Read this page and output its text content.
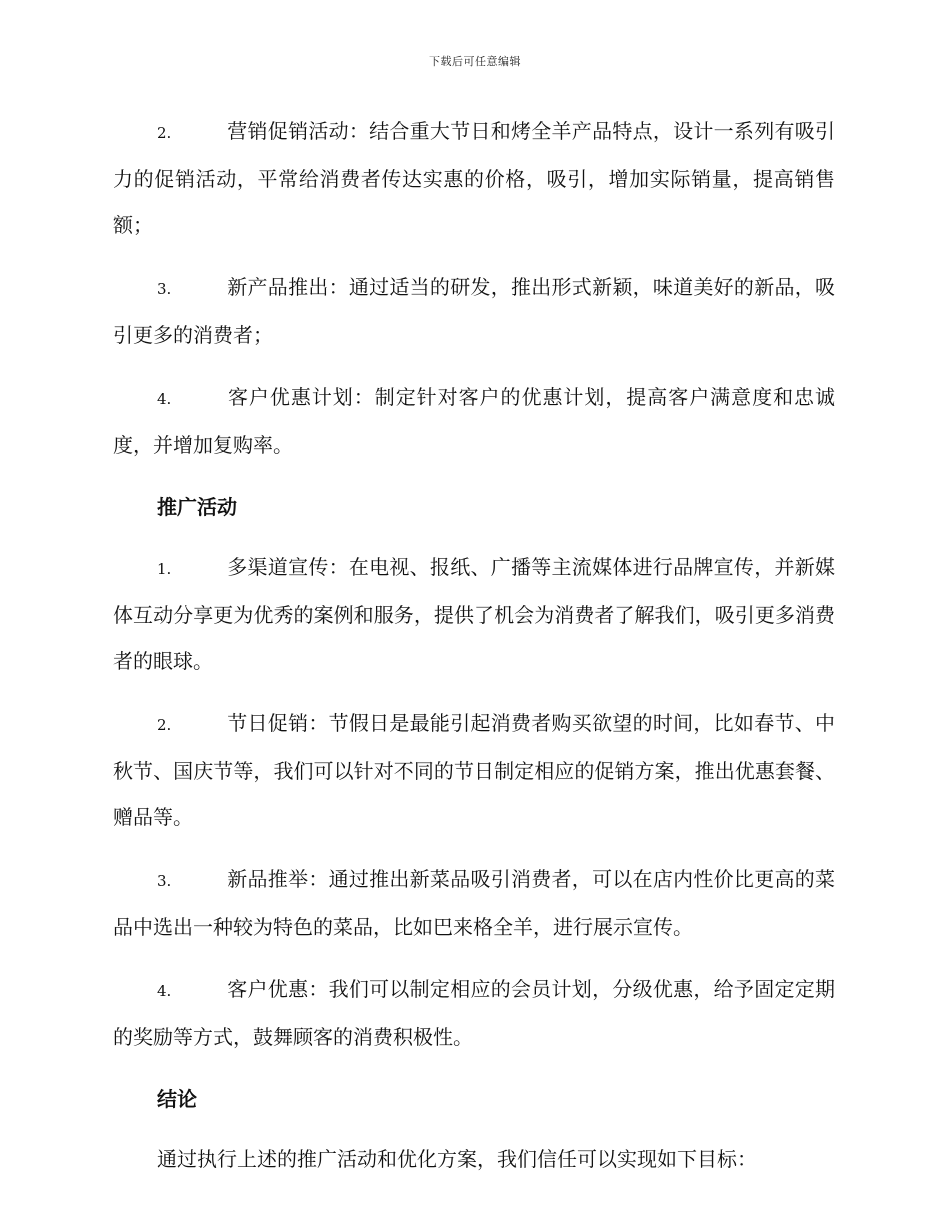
下载后可任意编辑

2.	营销促销活动：结合重大节日和烤全羊产品特点，设计一系列有吸引力的促销活动，平常给消费者传达实惠的价格，吸引，增加实际销量，提高销售额；

3.	新产品推出：通过适当的研发，推出形式新颖，味道美好的新品，吸引更多的消费者；

4.	客户优惠计划：制定针对客户的优惠计划，提高客户满意度和忠诚度，并增加复购率。

推广活动

1.	多渠道宣传：在电视、报纸、广播等主流媒体进行品牌宣传，并新媒体互动分享更为优秀的案例和服务，提供了机会为消费者了解我们，吸引更多消费者的眼球。

2.	节日促销：节假日是最能引起消费者购买欲望的时间，比如春节、中秋节、国庆节等，我们可以针对不同的节日制定相应的促销方案，推出优惠套餐、赠品等。

3.	新品推举：通过推出新菜品吸引消费者，可以在店内性价比更高的菜品中选出一种较为特色的菜品，比如巴来格全羊，进行展示宣传。

4.	客户优惠：我们可以制定相应的会员计划，分级优惠，给予固定定期的奖励等方式，鼓舞顾客的消费积极性。

结论

通过执行上述的推广活动和优化方案，我们信任可以实现如下目标：
